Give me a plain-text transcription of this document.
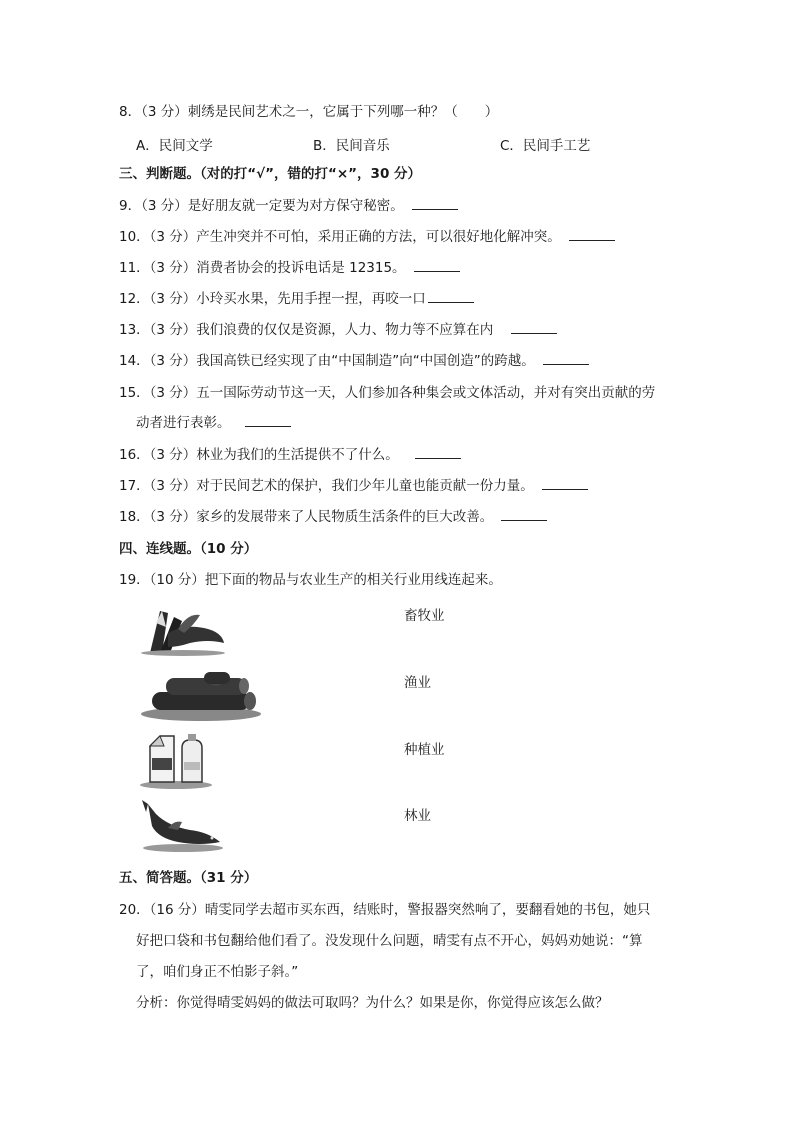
8．（3 分）刺绣是民间艺术之一，它属于下列哪一种？（　　）
A．民间文学	B．民间音乐	C．民间手工艺
三、判断题。（对的打“√”，错的打“×”，30 分）
9．（3 分）是好朋友就一定要为对方保守秘密。
10．（3 分）产生冲突并不可怕，采用正确的方法，可以很好地化解冲突。
11．（3 分）消费者协会的投诉电话是 12315。
12．（3 分）小玲买水果，先用手捏一捏，再咬一口
13．（3 分）我们浪费的仅仅是资源，人力、物力等不应算在内
14．（3 分）我国高铁已经实现了由“中国制造”向“中国创造”的跨越。
15．（3 分）五一国际劳动节这一天，人们参加各种集会或文体活动，并对有突出贡献的劳
动者进行表彰。
16．（3 分）林业为我们的生活提供不了什么。
17．（3 分）对于民间艺术的保护，我们少年儿童也能贡献一份力量。
18．（3 分）家乡的发展带来了人民物质生活条件的巨大改善。
四、连线题。（10 分）
19．（10 分）把下面的物品与农业生产的相关行业用线连起来。
畜牧业
渔业
种植业
林业
五、简答题。（31 分）
20．（16 分）晴雯同学去超市买东西，结账时，警报器突然响了，要翻看她的书包，她只
好把口袋和书包翻给他们看了。没发现什么问题，晴雯有点不开心，妈妈劝她说：“算
了，咱们身正不怕影子斜。”
分析：你觉得晴雯妈妈的做法可取吗？为什么？如果是你，你觉得应该怎么做？
